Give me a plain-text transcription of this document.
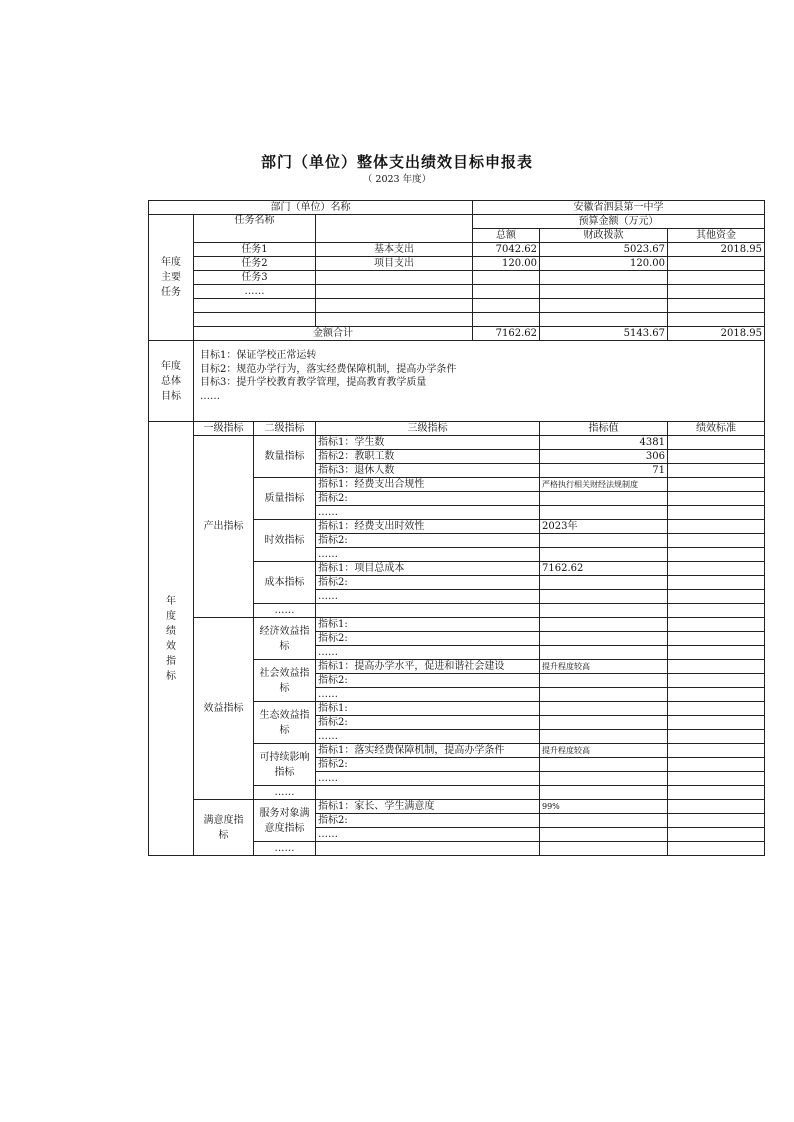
部门（单位）整体支出绩效目标申报表
（ 2023 年度）
部门（单位）名称				安徽省泗县第一中学		
年度主要任务	任务名称			预算金额（万元）		
				总额	财政拨款	其他资金
	任务1		基本支出	7042.62	5023.67	2018.95
	任务2		项目支出	120.00	120.00	
	任务3					
	……					

	金额合计			7162.62	5143.67	2018.95
年度总体目标	目标1：保证学校正常运转
目标2：规范办学行为，落实经费保障机制，提高办学条件
目标3：提升学校教育教学管理，提高教育教学质量
……					

年度绩效指标	一级指标	二级指标	三级指标		指标值	绩效标准
	产出指标	数量指标	指标1：学生数		4381	
			指标2：教职工数		306	
			指标3：退休人数		71	
		质量指标	指标1：经费支出合规性		严格执行相关财经法规制度	
			指标2:			
			……			
		时效指标	指标1：经费支出时效性		2023年	
			指标2:			
			……			
		成本指标	指标1：项目总成本		7162.62	
			指标2:			
			……			
		……				
	效益指标	经济效益指标	指标1:			
			指标2:			
			……			
		社会效益指标	指标1：提高办学水平，促进和谐社会建设		提升程度较高	
			指标2:			
			……			
		生态效益指标	指标1:			
			指标2:			
			……			
		可持续影响指标	指标1：落实经费保障机制，提高办学条件		提升程度较高	
			指标2:			
			……			
		……				
	满意度指标	服务对象满意度指标	指标1：家长、学生满意度		99%	
			指标2:			
			……			
		……				
